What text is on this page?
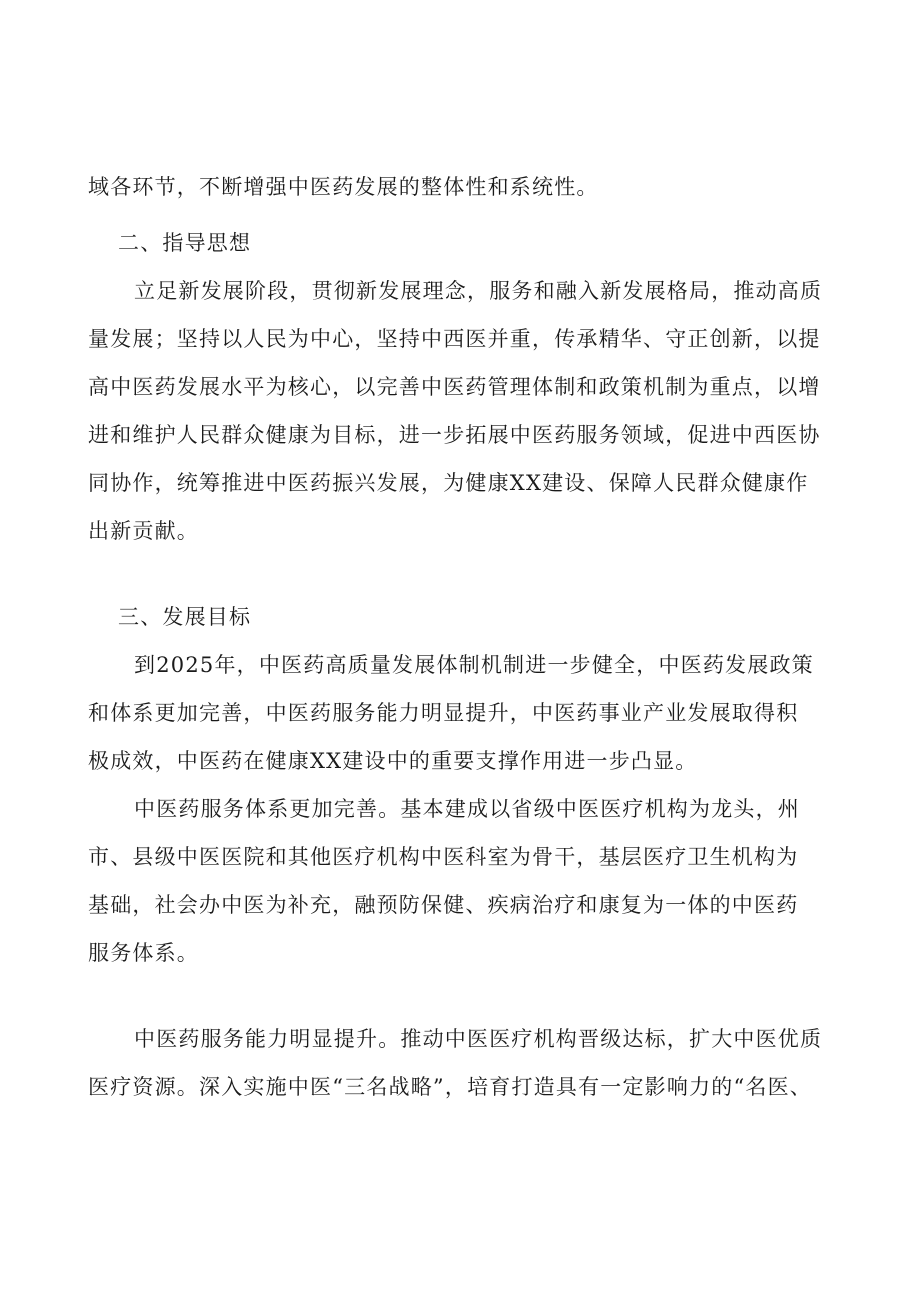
域各环节，不断增强中医药发展的整体性和系统性。
二、指导思想
立足新发展阶段，贯彻新发展理念，服务和融入新发展格局，推动高质
量发展；坚持以人民为中心，坚持中西医并重，传承精华、守正创新，以提
高中医药发展水平为核心，以完善中医药管理体制和政策机制为重点，以增
进和维护人民群众健康为目标，进一步拓展中医药服务领域，促进中西医协
同协作，统筹推进中医药振兴发展，为健康XX建设、保障人民群众健康作
出新贡献。
三、发展目标
到2025年，中医药高质量发展体制机制进一步健全，中医药发展政策
和体系更加完善，中医药服务能力明显提升，中医药事业产业发展取得积
极成效，中医药在健康XX建设中的重要支撑作用进一步凸显。
中医药服务体系更加完善。基本建成以省级中医医疗机构为龙头，州
市、县级中医医院和其他医疗机构中医科室为骨干，基层医疗卫生机构为
基础，社会办中医为补充，融预防保健、疾病治疗和康复为一体的中医药
服务体系。
中医药服务能力明显提升。推动中医医疗机构晋级达标，扩大中医优质
医疗资源。深入实施中医“三名战略”，培育打造具有一定影响力的“名医、
